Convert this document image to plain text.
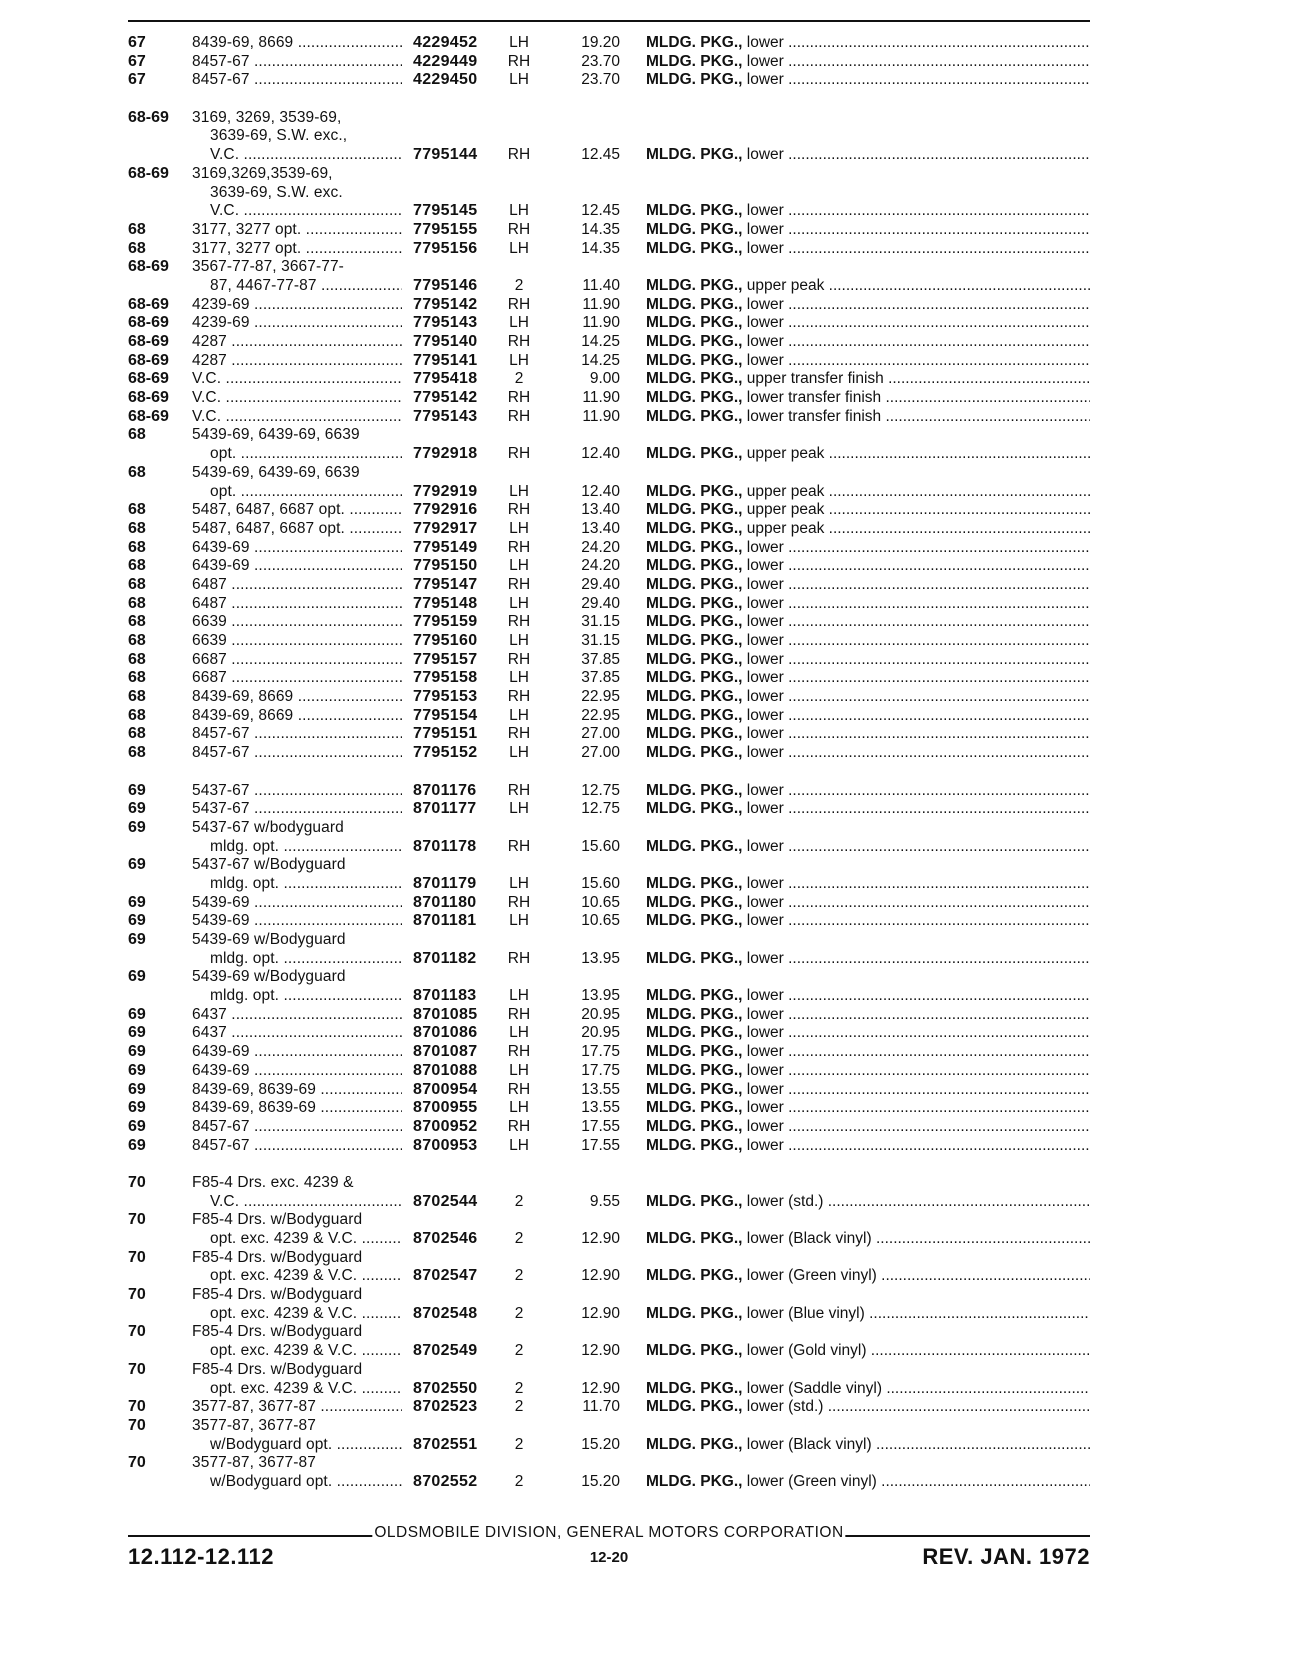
67	8439-69, 8669 .....	4229452 LH	19.20 MLDG. PKG., lower .....
67	8457-67 .....	4229449 RH	23.70 MLDG. PKG., lower .....
67	8457-67 .....	4229450 LH	23.70 MLDG. PKG., lower .....
68-69 3169, 3269, 3539-69,
3639-69, S.W. exc.,
V.C. .....	7795144 RH	12.45 MLDG. PKG., lower .....
68-69 3169,3269,3539-69,
3639-69, S.W. exc.
V.C. .....	7795145 LH	12.45 MLDG. PKG., lower .....
68	3177, 3277 opt. .....	7795155 RH	14.35 MLDG. PKG., lower .....
68	3177, 3277 opt. .....	7795156 LH	14.35 MLDG. PKG., lower .....
68-69 3567-77-87, 3667-77-
87, 4467-77-87 .....	7795146	2	11.40 MLDG. PKG., upper peak .....
68-69 4239-69 .....	7795142 RH	11.90 MLDG. PKG., lower .....
68-69 4239-69 .....	7795143 LH	11.90 MLDG. PKG., lower .....
68-69 4287 .....	7795140 RH	14.25 MLDG. PKG., lower .....
68-69 4287 .....	7795141 LH	14.25 MLDG. PKG., lower .....
68-69 V.C. .....	7795418	2	9.00 MLDG. PKG., upper transfer finish .....
68-69 V.C. .....	7795142 RH	11.90 MLDG. PKG., lower transfer finish .....
68-69 V.C. .....	7795143 RH	11.90 MLDG. PKG., lower transfer finish .....
68	5439-69, 6439-69, 6639
opt. .....	7792918 RH	12.40 MLDG. PKG., upper peak .....
68	5439-69, 6439-69, 6639
opt. .....	7792919 LH	12.40 MLDG. PKG., upper peak .....
68	5487, 6487, 6687 opt. .....	7792916 RH	13.40 MLDG. PKG., upper peak .....
68	5487, 6487, 6687 opt. .....	7792917 LH	13.40 MLDG. PKG., upper peak .....
68	6439-69 .....	7795149 RH	24.20 MLDG. PKG., lower .....
68	6439-69 .....	7795150 LH	24.20 MLDG. PKG., lower .....
68	6487 .....	7795147 RH	29.40 MLDG. PKG., lower .....
68	6487 .....	7795148 LH	29.40 MLDG. PKG., lower .....
68	6639 .....	7795159 RH	31.15 MLDG. PKG., lower .....
68	6639 .....	7795160 LH	31.15 MLDG. PKG., lower .....
68	6687 .....	7795157 RH	37.85 MLDG. PKG., lower .....
68	6687 .....	7795158 LH	37.85 MLDG. PKG., lower .....
68	8439-69, 8669 .....	7795153 RH	22.95 MLDG. PKG., lower .....
68	8439-69, 8669 .....	7795154 LH	22.95 MLDG. PKG., lower .....
68	8457-67 .....	7795151 RH	27.00 MLDG. PKG., lower .....
68	8457-67 .....	7795152 LH	27.00 MLDG. PKG., lower .....
69	5437-67 .....	8701176 RH	12.75 MLDG. PKG., lower .....
69	5437-67 .....	8701177 LH	12.75 MLDG. PKG., lower .....
69	5437-67 w/bodyguard
mldg. opt. .....	8701178 RH	15.60 MLDG. PKG., lower .....
69	5437-67 w/Bodyguard
mldg. opt. .....	8701179 LH	15.60 MLDG. PKG., lower .....
69	5439-69 .....	8701180 RH	10.65 MLDG. PKG., lower .....
69	5439-69 .....	8701181 LH	10.65 MLDG. PKG., lower .....
69	5439-69 w/Bodyguard
mldg. opt. .....	8701182 RH	13.95 MLDG. PKG., lower .....
69	5439-69 w/Bodyguard
mldg. opt. .....	8701183 LH	13.95 MLDG. PKG., lower .....
69	6437 .....	8701085 RH	20.95 MLDG. PKG., lower .....
69	6437 .....	8701086 LH	20.95 MLDG. PKG., lower .....
69	6439-69 .....	8701087 RH	17.75 MLDG. PKG., lower .....
69	6439-69 .....	8701088 LH	17.75 MLDG. PKG., lower .....
69	8439-69, 8639-69 .....	8700954 RH	13.55 MLDG. PKG., lower .....
69	8439-69, 8639-69 .....	8700955 LH	13.55 MLDG. PKG., lower .....
69	8457-67 .....	8700952 RH	17.55 MLDG. PKG., lower .....
69	8457-67 .....	8700953 LH	17.55 MLDG. PKG., lower .....
70	F85-4 Drs. exc. 4239 &
V.C. .....	8702544	2	9.55 MLDG. PKG., lower (std.) .....
70	F85-4 Drs. w/Bodyguard
opt. exc. 4239 & V.C. .....	8702546	2	12.90 MLDG. PKG., lower (Black vinyl) .....
70	F85-4 Drs. w/Bodyguard
opt. exc. 4239 & V.C. .....	8702547	2	12.90 MLDG. PKG., lower (Green vinyl) .....
70	F85-4 Drs. w/Bodyguard
opt. exc. 4239 & V.C. .....	8702548	2	12.90 MLDG. PKG., lower (Blue vinyl) .....
70	F85-4 Drs. w/Bodyguard
opt. exc. 4239 & V.C. .....	8702549	2	12.90 MLDG. PKG., lower (Gold vinyl) .....
70	F85-4 Drs. w/Bodyguard
opt. exc. 4239 & V.C. .....	8702550	2	12.90 MLDG. PKG., lower (Saddle vinyl) .....
70	3577-87, 3677-87 .....	8702523	2	11.70 MLDG. PKG., lower (std.) .....
70	3577-87, 3677-87
w/Bodyguard opt. .....	8702551	2	15.20 MLDG. PKG., lower (Black vinyl) .....
70	3577-87, 3677-87
w/Bodyguard opt. .....	8702552	2	15.20 MLDG. PKG., lower (Green vinyl) .....
OLDSMOBILE DIVISION, GENERAL MOTORS CORPORATION
12.112-12.112	12-20	REV. JAN. 1972
